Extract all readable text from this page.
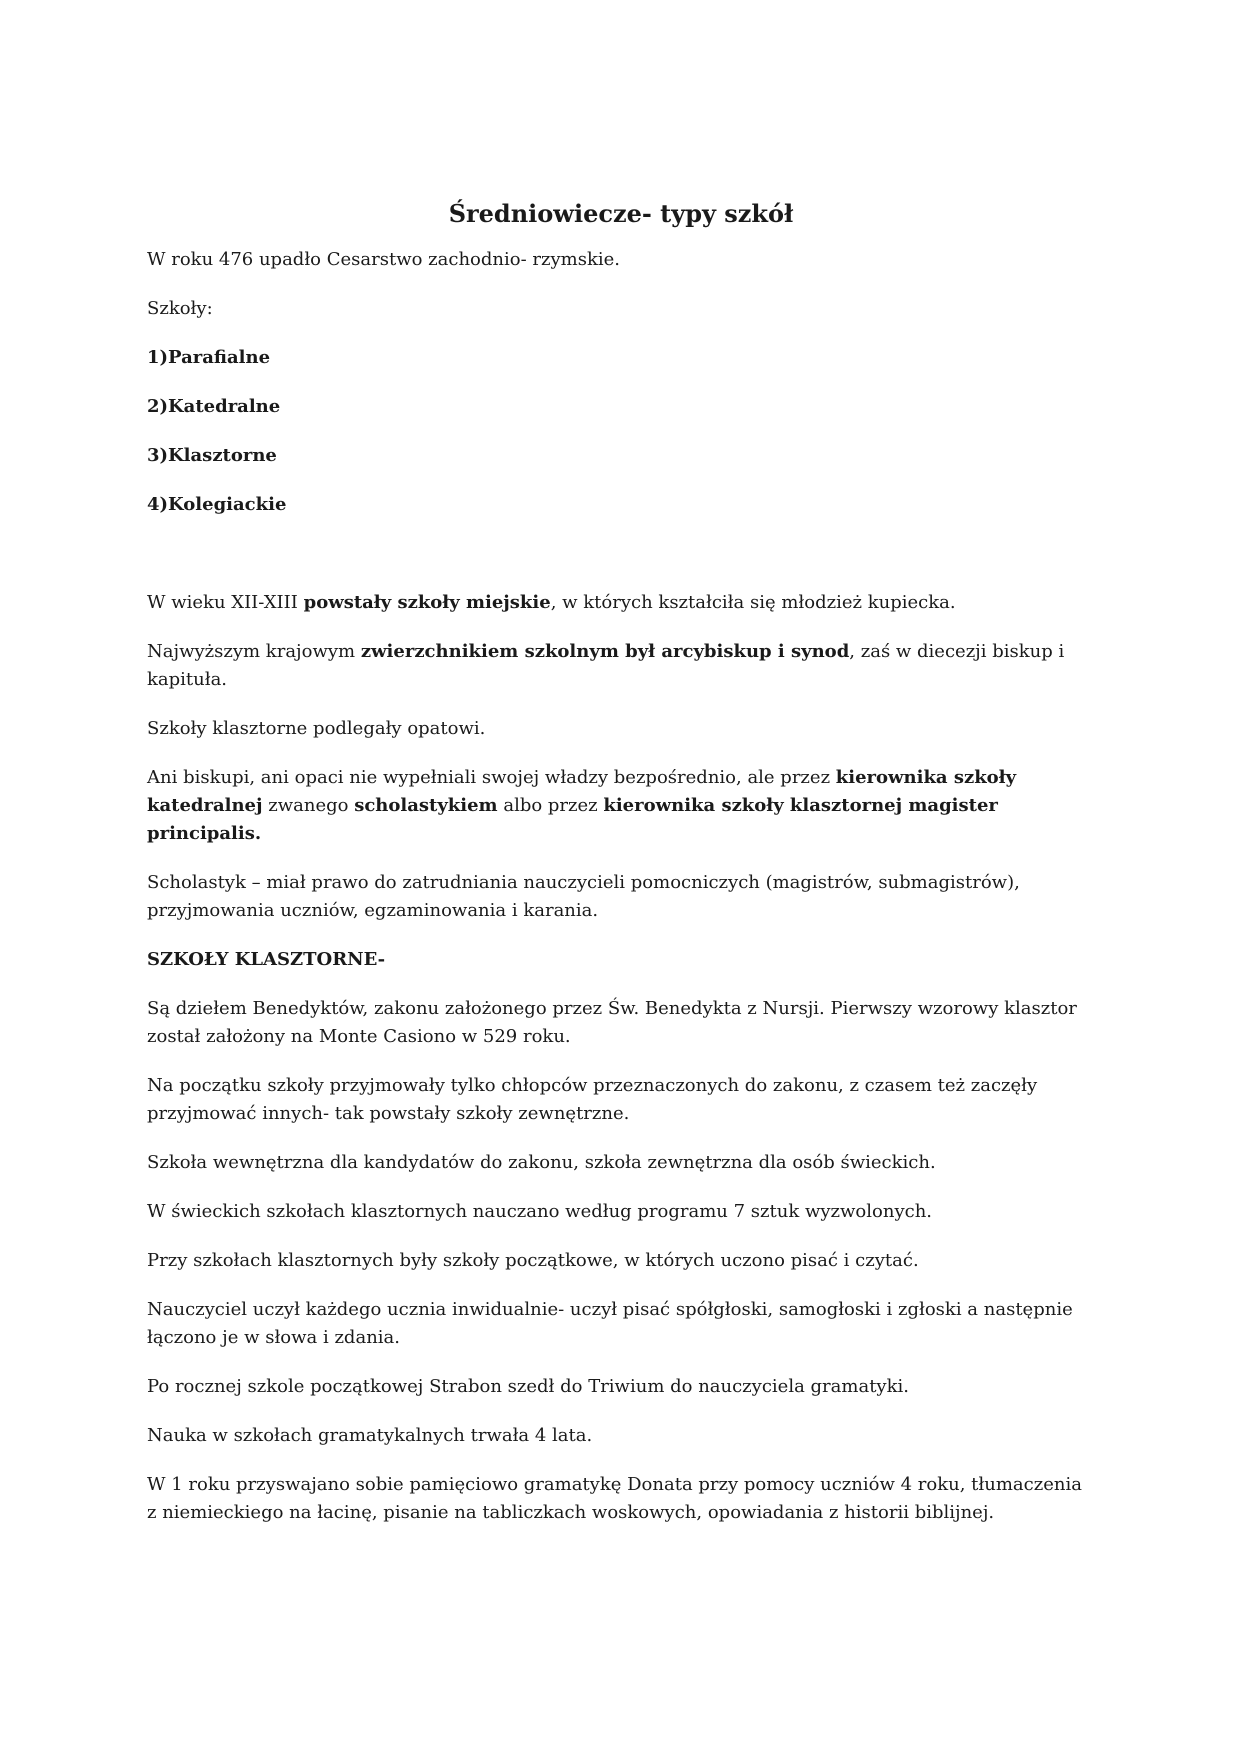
Średniowiecze- typy szkół
W roku 476 upadło Cesarstwo zachodnio- rzymskie.
Szkoły:
1)Parafialne
2)Katedralne
3)Klasztorne
4)Kolegiackie
W wieku XII-XIII powstały szkoły miejskie, w których kształciła się młodzież kupiecka.
Najwyższym krajowym zwierzchnikiem szkolnym był arcybiskup i synod, zaś w diecezji biskup i kapituła.
Szkoły klasztorne podlegały opatowi.
Ani biskupi, ani opaci nie wypełniali swojej władzy bezpośrednio, ale przez kierownika szkoły katedralnej zwanego scholastykiem albo przez kierownika szkoły klasztornej magister principalis.
Scholastyk – miał prawo do zatrudniania nauczycieli pomocniczych (magistrów, submagistrów), przyjmowania uczniów, egzaminowania i karania.
SZKOŁY KLASZTORNE-
Są dziełem Benedyktów, zakonu założonego przez Św. Benedykta z Nursji. Pierwszy wzorowy klasztor został założony na Monte Casiono w 529 roku.
Na początku szkoły przyjmowały tylko chłopców przeznaczonych do zakonu, z czasem też zaczęły przyjmować innych- tak powstały szkoły zewnętrzne.
Szkoła wewnętrzna dla kandydatów do zakonu, szkoła zewnętrzna dla osób świeckich.
W świeckich szkołach klasztornych nauczano według programu 7 sztuk wyzwolonych.
Przy szkołach klasztornych były szkoły początkowe, w których uczono pisać i czytać.
Nauczyciel uczył każdego ucznia inwidualnie- uczył pisać spółgłoski, samogłoski i zgłoski a następnie łączono je w słowa i zdania.
Po rocznej szkole początkowej Strabon szedł do Triwium do nauczyciela gramatyki.
Nauka w szkołach gramatykalnych trwała 4 lata.
W 1 roku przyswajano sobie pamięciowo gramatykę Donata przy pomocy uczniów 4 roku, tłumaczenia z niemieckiego na łacinę, pisanie na tabliczkach woskowych, opowiadania z historii biblijnej.
